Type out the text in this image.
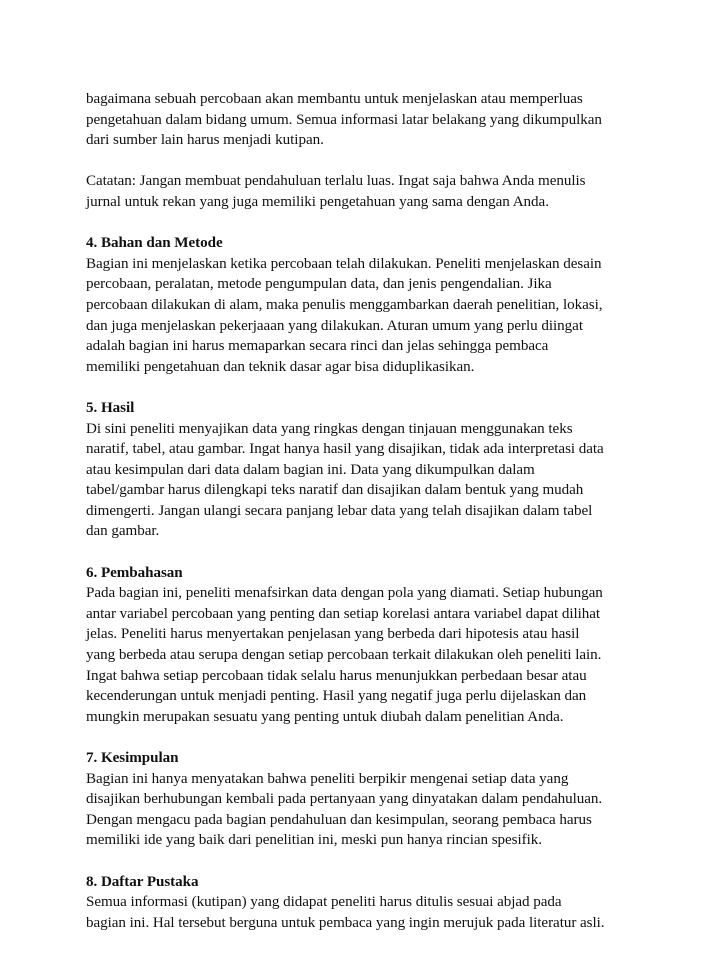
bagaimana sebuah percobaan akan membantu untuk menjelaskan atau memperluas
pengetahuan dalam bidang umum. Semua informasi latar belakang yang dikumpulkan
dari sumber lain harus menjadi kutipan.
Catatan: Jangan membuat pendahuluan terlalu luas. Ingat saja bahwa Anda menulis
jurnal untuk rekan yang juga memiliki pengetahuan yang sama dengan Anda.
4. Bahan dan Metode
Bagian ini menjelaskan ketika percobaan telah dilakukan. Peneliti menjelaskan desain
percobaan, peralatan, metode pengumpulan data, dan jenis pengendalian. Jika
percobaan dilakukan di alam, maka penulis menggambarkan daerah penelitian, lokasi,
dan juga menjelaskan pekerjaaan yang dilakukan. Aturan umum yang perlu diingat
adalah bagian ini harus memaparkan secara rinci dan jelas sehingga pembaca
memiliki pengetahuan dan teknik dasar agar bisa diduplikasikan.
5. Hasil
Di sini peneliti menyajikan data yang ringkas dengan tinjauan menggunakan teks
naratif, tabel, atau gambar. Ingat hanya hasil yang disajikan, tidak ada interpretasi data
atau kesimpulan dari data dalam bagian ini. Data yang dikumpulkan dalam
tabel/gambar harus dilengkapi teks naratif dan disajikan dalam bentuk yang mudah
dimengerti. Jangan ulangi secara panjang lebar data yang telah disajikan dalam tabel
dan gambar.
6. Pembahasan
Pada bagian ini, peneliti menafsirkan data dengan pola yang diamati. Setiap hubungan
antar variabel percobaan yang penting dan setiap korelasi antara variabel dapat dilihat
jelas. Peneliti harus menyertakan penjelasan yang berbeda dari hipotesis atau hasil
yang berbeda atau serupa dengan setiap percobaan terkait dilakukan oleh peneliti lain.
Ingat bahwa setiap percobaan tidak selalu harus menunjukkan perbedaan besar atau
kecenderungan untuk menjadi penting. Hasil yang negatif juga perlu dijelaskan dan
mungkin merupakan sesuatu yang penting untuk diubah dalam penelitian Anda.
7. Kesimpulan
Bagian ini hanya menyatakan bahwa peneliti berpikir mengenai setiap data yang
disajikan berhubungan kembali pada pertanyaan yang dinyatakan dalam pendahuluan.
Dengan mengacu pada bagian pendahuluan dan kesimpulan, seorang pembaca harus
memiliki ide yang baik dari penelitian ini, meski pun hanya rincian spesifik.
8. Daftar Pustaka
Semua informasi (kutipan) yang didapat peneliti harus ditulis sesuai abjad pada
bagian ini. Hal tersebut berguna untuk pembaca yang ingin merujuk pada literatur asli.
